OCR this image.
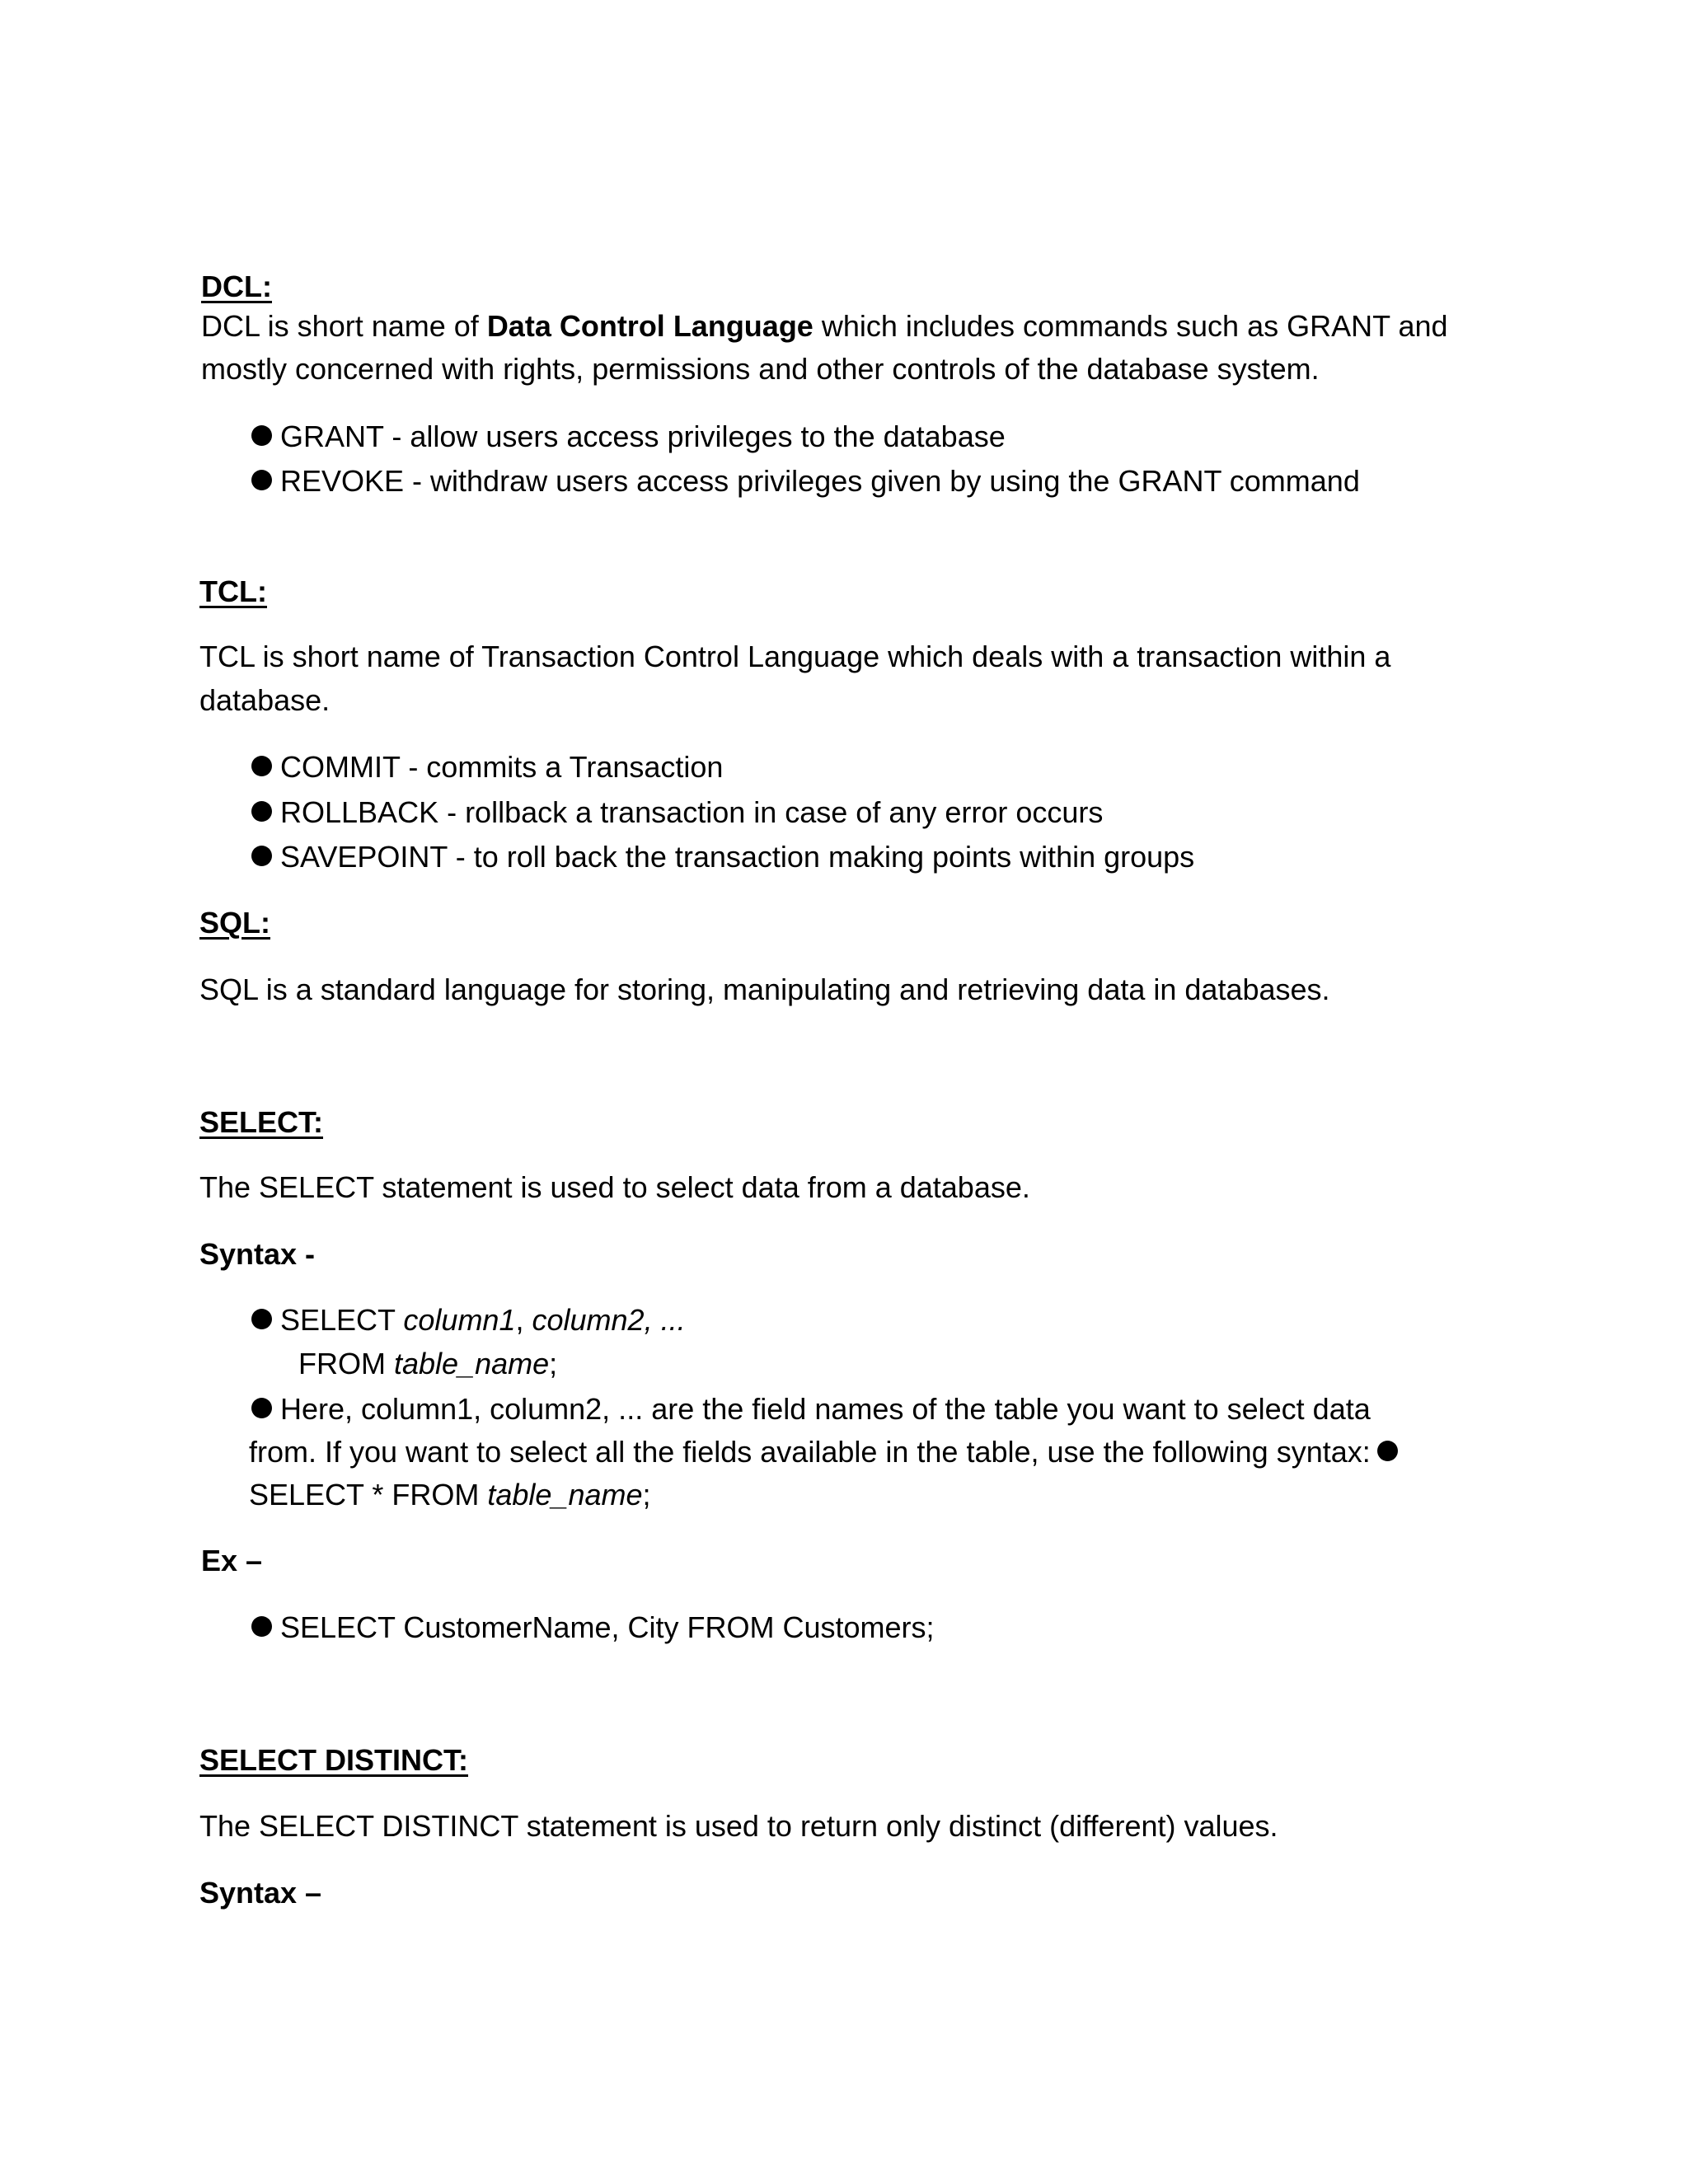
DCL:

DCL is short name of Data Control Language which includes commands such as GRANT and

mostly concerned with rights, permissions and other controls of the database system.

GRANT - allow users access privileges to the database

REVOKE - withdraw users access privileges given by using the GRANT command

TCL:

TCL is short name of Transaction Control Language which deals with a transaction within a

database.

COMMIT - commits a Transaction

ROLLBACK - rollback a transaction in case of any error occurs

SAVEPOINT - to roll back the transaction making points within groups

SQL:

SQL is a standard language for storing, manipulating and retrieving data in databases.

SELECT:

The SELECT statement is used to select data from a database.

Syntax -

SELECT column1, column2, ...

FROM table_name;

Here, column1, column2, ... are the field names of the table you want to select data

from. If you want to select all the fields available in the table, use the following syntax:

SELECT * FROM table_name;

Ex –

SELECT CustomerName, City FROM Customers;

SELECT DISTINCT:

The SELECT DISTINCT statement is used to return only distinct (different) values.

Syntax –
